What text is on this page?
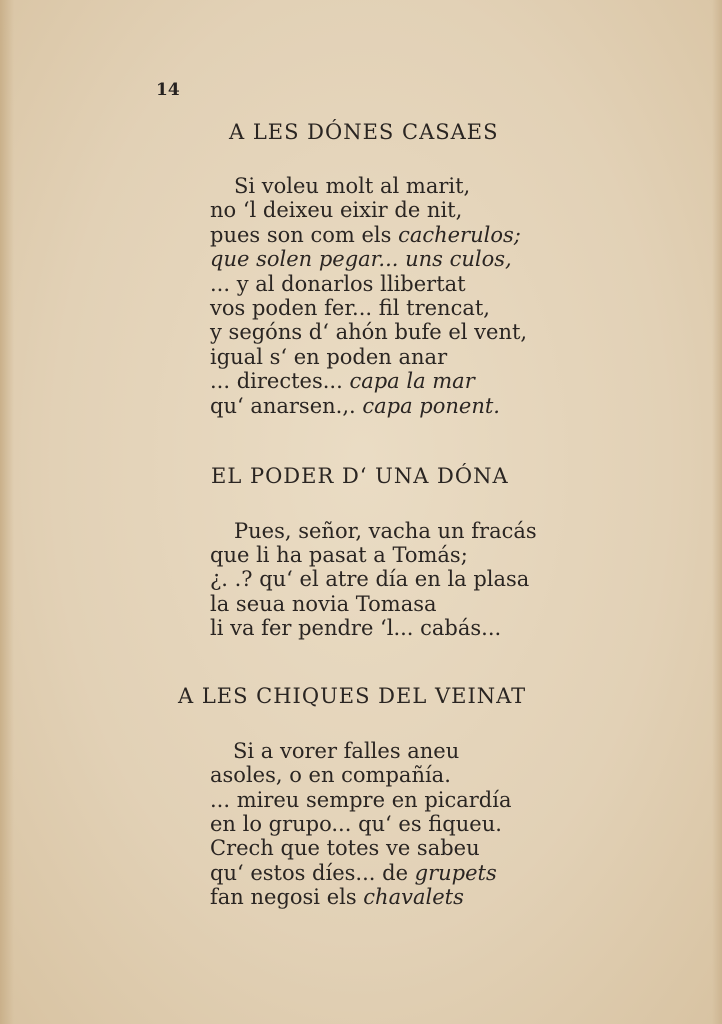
14
A LES DÓNES CASAES
Si voleu molt al marit,
no ‘l deixeu eixir de nit,
pues son com els cacherulos;
que solen pegar... uns culos,
... y al donarlos llibertat
vos poden fer... fil trencat,
y segóns d‘ ahón bufe el vent,
igual s‘ en poden anar
... directes... capa la mar
qu‘ anarsen.,. capa ponent.
EL PODER D‘ UNA DÓNA
Pues, señor, vacha un fracás
que li ha pasat a Tomás;
¿. .? qu‘ el atre día en la plasa
la seua novia Tomasa
li va fer pendre ‘l... cabás...
A LES CHIQUES DEL VEINAT
Si a vorer falles aneu
asoles, o en compañía.
... mireu sempre en picardía
en lo grupo... qu‘ es fiqueu.
Crech que totes ve sabeu
qu‘ estos díes... de grupets
fan negosi els chavalets
